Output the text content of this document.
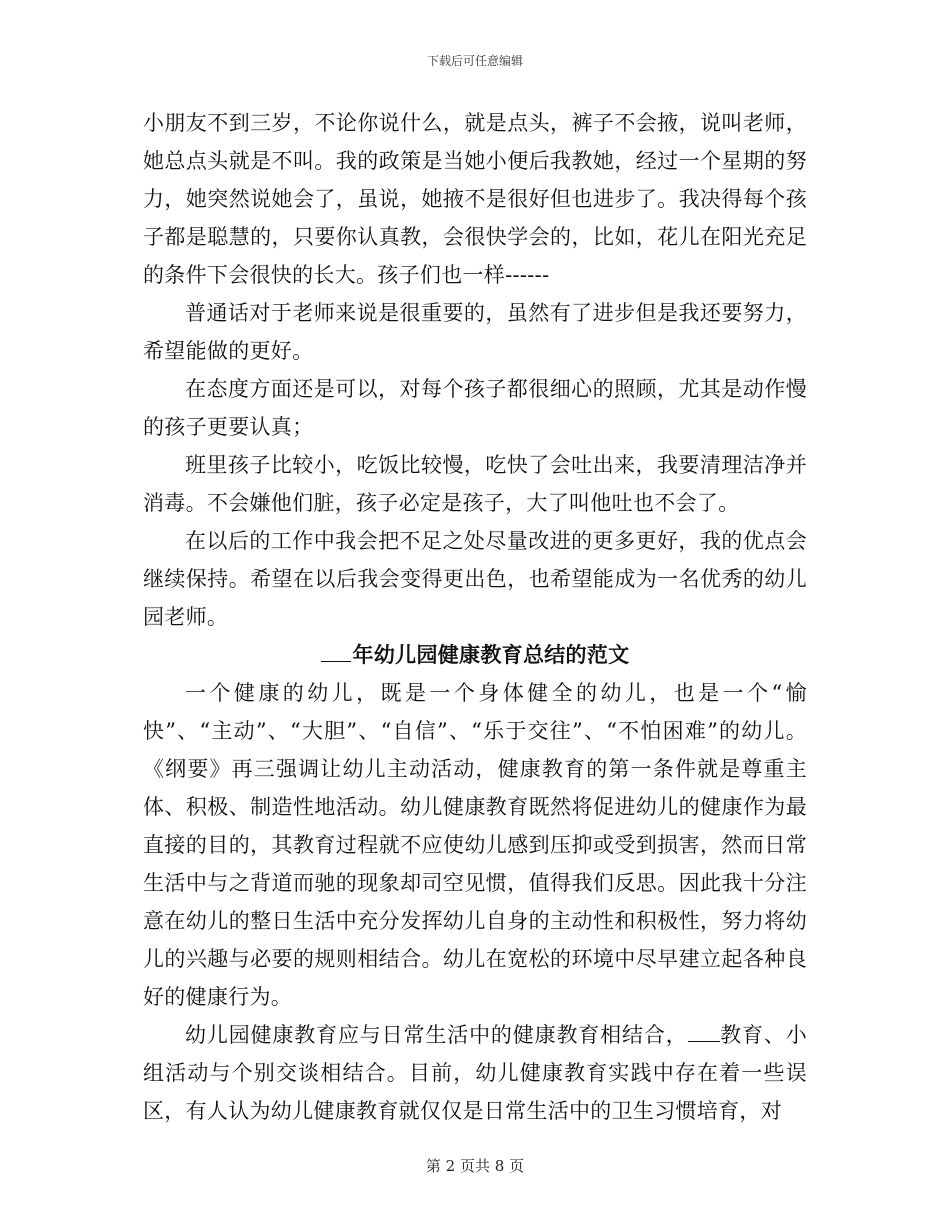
下载后可任意编辑

小朋友不到三岁，不论你说什么，就是点头，裤子不会掖，说叫老师，她总点头就是不叫。我的政策是当她小便后我教她，经过一个星期的努力，她突然说她会了，虽说，她掖不是很好但也进步了。我决得每个孩子都是聪慧的，只要你认真教，会很快学会的，比如，花儿在阳光充足的条件下会很快的长大。孩子们也一样------

普通话对于老师来说是很重要的，虽然有了进步但是我还要努力，希望能做的更好。

在态度方面还是可以，对每个孩子都很细心的照顾，尤其是动作慢的孩子更要认真；

班里孩子比较小，吃饭比较慢，吃快了会吐出来，我要清理洁净并消毒。不会嫌他们脏，孩子必定是孩子，大了叫他吐也不会了。

在以后的工作中我会把不足之处尽量改进的更多更好，我的优点会继续保持。希望在以后我会变得更出色，也希望能成为一名优秀的幼儿园老师。

年幼儿园健康教育总结的范文

一个健康的幼儿，既是一个身体健全的幼儿，也是一个“愉快”、“主动”、“大胆”、“自信”、“乐于交往”、“不怕困难”的幼儿。《纲要》再三强调让幼儿主动活动，健康教育的第一条件就是尊重主体、积极、制造性地活动。幼儿健康教育既然将促进幼儿的健康作为最直接的目的，其教育过程就不应使幼儿感到压抑或受到损害，然而日常生活中与之背道而驰的现象却司空见惯，值得我们反思。因此我十分注意在幼儿的整日生活中充分发挥幼儿自身的主动性和积极性，努力将幼儿的兴趣与必要的规则相结合。幼儿在宽松的环境中尽早建立起各种良好的健康行为。

幼儿园健康教育应与日常生活中的健康教育相结合， 教育、小组活动与个别交谈相结合。目前，幼儿健康教育实践中存在着一些误区，有人认为幼儿健康教育就仅仅是日常生活中的卫生习惯培育，对

第 2 页共 8 页
